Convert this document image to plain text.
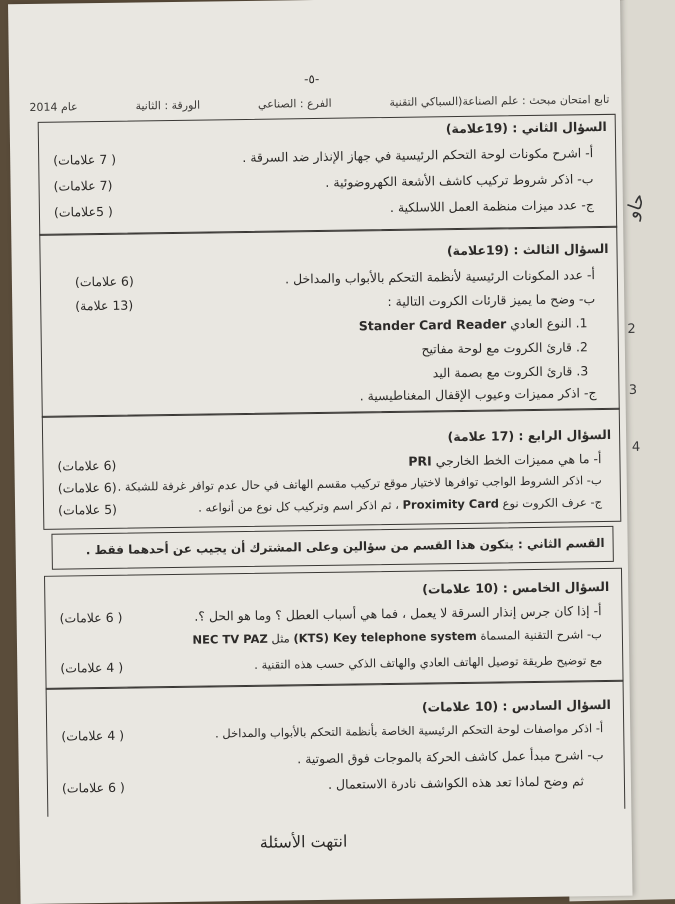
2
3
4
-٥-
تابع امتحان مبحث : علم الصناعة(السباكي التقنية
الفرع : الصناعي
الورقة : الثانية
عام 2014
السؤال الثاني : (19علامة)
أ- اشرح مكونات لوحة التحكم الرئيسية في جهاز الإنذار ضد السرقة .
( 7 علامات)
ب- اذكر شروط تركيب كاشف الأشعة الكهروضوئية .
(7 علامات)
ج- عدد ميزات منظمة العمل اللاسلكية .
( 5علامات)
السؤال الثالث : (19علامة)
أ- عدد المكونات الرئيسية لأنظمة التحكم بالأبواب والمداخل .
(6 علامات)
ب- وضح ما يميز قارئات الكروت التالية :
(13 علامة)
1. النوع العادي Stander Card Reader
2. قارئ الكروت مع لوحة مفاتيح
3. قارئ الكروت مع بصمة اليد
ج- اذكر مميزات وعيوب الإقفال المغناطيسية .
السؤال الرابع : (17 علامة)
أ- ما هي مميزات الخط الخارجي PRI
(6 علامات)
ب- اذكر الشروط الواجب توافرها لاختيار موقع تركيب مقسم الهاتف في حال عدم توافر غرفة للشبكة .
(6 علامات)
ج- عرف الكروت نوع Proximity Card ، ثم اذكر اسم وتركيب كل نوع من أنواعه .
(5 علامات)
القسم الثاني : يتكون هذا القسم من سؤالين وعلى المشترك أن يجيب عن أحدهما فقط .
السؤال الخامس : (10 علامات)
أ- إذا كان جرس إنذار السرقة لا يعمل ، فما هي أسباب العطل ؟ وما هو الحل ؟.
( 6 علامات)
ب- اشرح التقنية المسماة (KTS) Key telephone system مثل NEC TV PAZ
مع توضيح طريقة توصيل الهاتف العادي والهاتف الذكي حسب هذه التقنية .
( 4 علامات)
السؤال السادس : (10 علامات)
أ- اذكر مواصفات لوحة التحكم الرئيسية الخاصة بأنظمة التحكم بالأبواب والمداخل .
( 4 علامات)
ب- اشرح مبدأ عمل كاشف الحركة بالموجات فوق الصوتية .
ثم وضح لماذا تعد هذه الكواشف نادرة الاستعمال .
( 6 علامات)
انتهت الأسئلة
حاو
